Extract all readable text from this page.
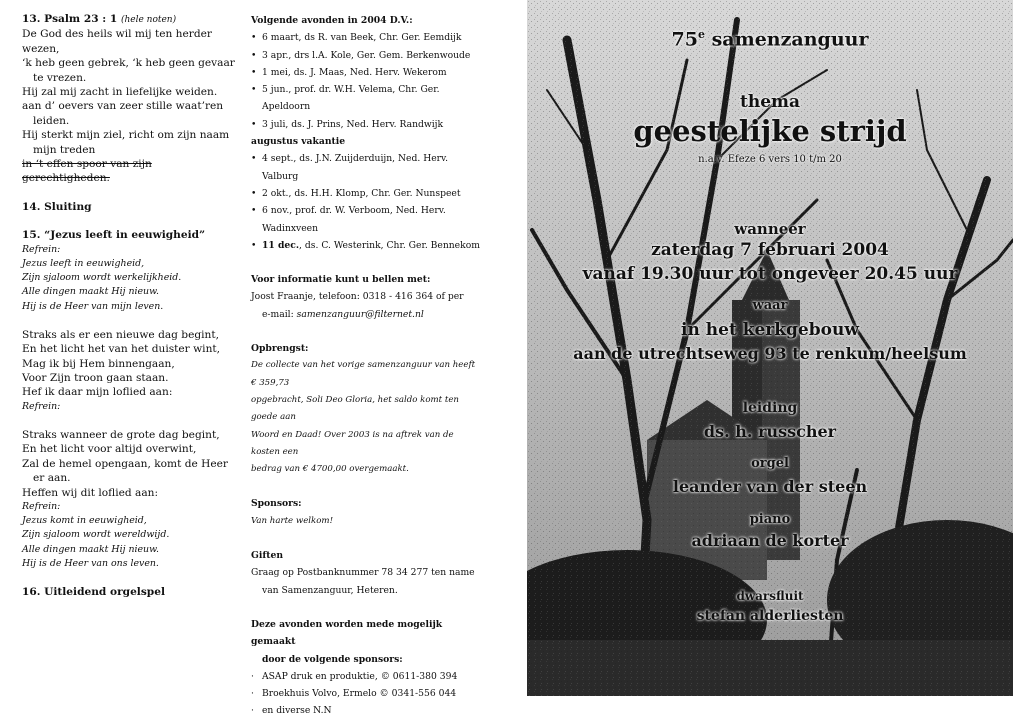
13. Psalm 23 : 1 (hele noten)
De God des heils wil mij ten herder wezen,
‘k heb geen gebrek, ‘k heb geen gevaar te vrezen.
Hij zal mij zacht in liefelijke weiden.
aan d’ oevers van zeer stille waat’ren leiden.
Hij sterkt mijn ziel, richt om zijn naam mijn treden
in ‘t effen spoor van zijn gerechtigheden.
14. Sluiting
15. “Jezus leeft in eeuwigheid”
Refrein:
Jezus leeft in eeuwigheid,
Zijn sjaloom wordt werkelijkheid.
Alle dingen maakt Hij nieuw.
Hij is de Heer van mijn leven.
Straks als er een nieuwe dag begint,
En het licht het van het duister wint,
Mag ik bij Hem binnengaan,
Voor Zijn troon gaan staan.
Hef ik daar mijn loflied aan:
Refrein:
Straks wanneer de grote dag begint,
En het licht voor altijd overwint,
Zal de hemel opengaan, komt de Heer er aan.
Heffen wij dit loflied aan:
Refrein:
Jezus komt in eeuwigheid,
Zijn sjaloom wordt wereldwijd.
Alle dingen maakt Hij nieuw.
Hij is de Heer van ons leven.
16. Uitleidend orgelspel
Volgende avonden in 2004 D.V.:
• 6 maart, ds R. van Beek, Chr. Ger. Eemdijk
• 3 apr., drs l.A. Kole, Ger. Gem. Berkenwoude
• 1 mei, ds. J. Maas, Ned. Herv. Wekerom
• 5 jun., prof. dr. W.H. Velema, Chr. Ger. Apeldoorn
• 3 juli, ds. J. Prins, Ned. Herv. Randwijk
augustus vakantie
• 4 sept., ds. J.N. Zuijderduijn, Ned. Herv. Valburg
• 2 okt., ds. H.H. Klomp, Chr. Ger. Nunspeet
• 6 nov., prof. dr. W. Verboom, Ned. Herv. Wadinxveen
• 11 dec., ds. C. Westerink, Chr. Ger. Bennekom
Voor informatie kunt u bellen met:
Joost Fraanje, telefoon: 0318 - 416 364 of per
e-mail: samenzanguur@filternet.nl
Opbrengst:
De collecte van het vorige samenzanguur van heeft € 359,73
opgebracht, Soli Deo Gloria, het saldo komt ten goede aan
Woord en Daad! Over 2003 is na aftrek van de kosten een
bedrag van € 4700,00 overgemaakt.
Sponsors:
Van harte welkom!
Giften
Graag op Postbanknummer 78 34 277 ten name
van Samenzanguur, Heteren.
Deze avonden worden mede mogelijk gemaakt
door de volgende sponsors:
· ASAP druk en produktie, © 0611-380 394
· Broekhuis Volvo, Ermelo © 0341-556 044
· en diverse N.N
75e samenzanguur
thema
geestelijke strijd
n.a.v. Efeze 6 vers 10 t/m 20
wanneer
zaterdag 7 februari 2004
vanaf 19.30 uur tot ongeveer 20.45 uur
waar
in het kerkgebouw
aan de utrechtseweg 93 te renkum/heelsum
leiding
ds. h. russcher
orgel
leander van der steen
piano
adriaan de korter
dwarsfluit
stefan alderliesten
